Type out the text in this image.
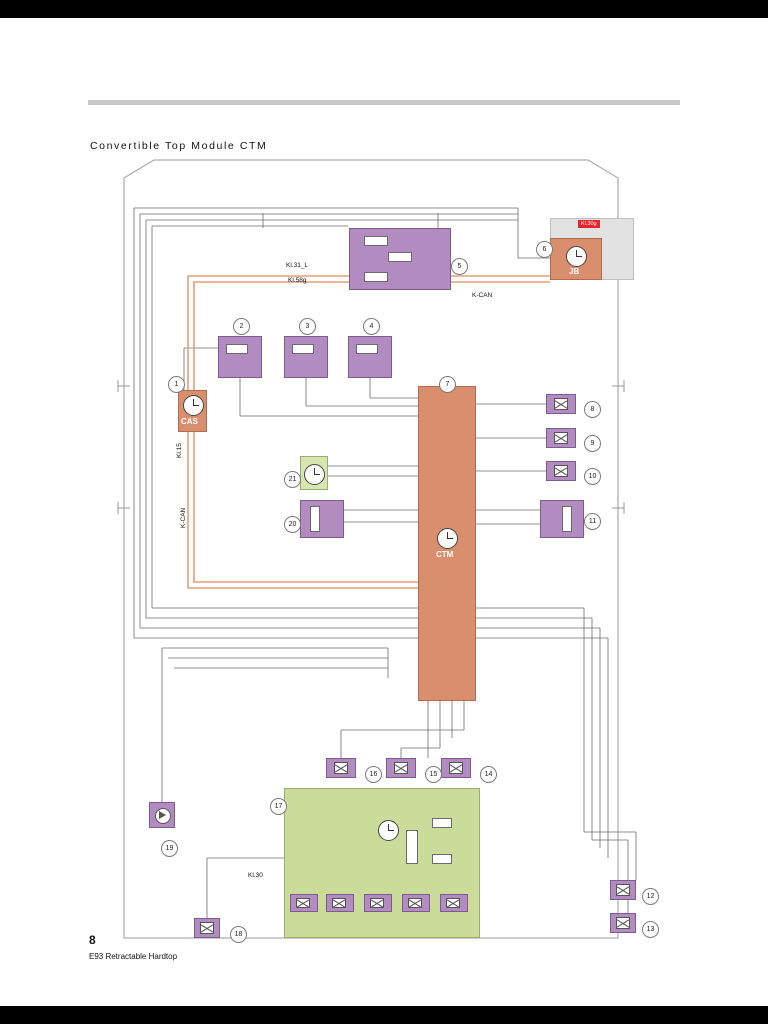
Convertible Top Module CTM
Kl.31_L
Kl.58g
K-CAN
JB
Kl.30g
CAS
Kl.15
K-CAN
CTM
Kl.30
1
2	3	4
5
6
7
8
9
10
11
12
13
14
15
16
17
18
19
20
21
8
E93 Retractable Hardtop
